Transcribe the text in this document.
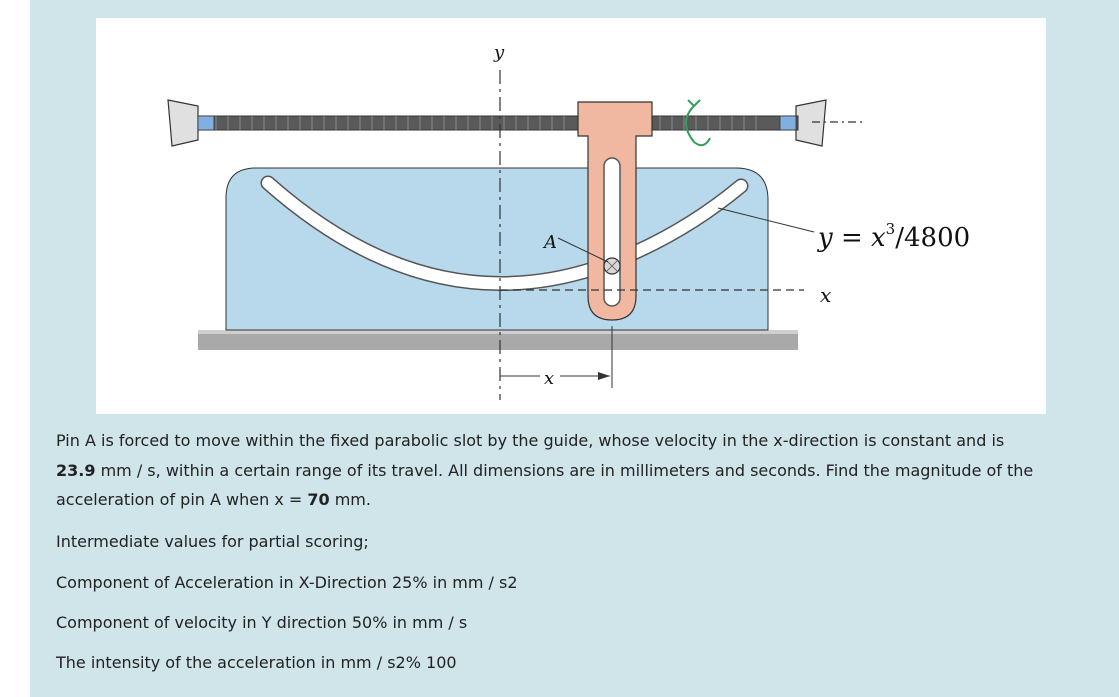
y
x
x
A	$y = x^3/4800$
Pin A is forced to move within the fixed parabolic slot by the guide, whose velocity in the x-direction is constant and is
23.9 mm / s, within a certain range of its travel. All dimensions are in millimeters and seconds. Find the magnitude of the
acceleration of pin A when x = 70 mm.
Intermediate values for partial scoring;
Component of Acceleration in X-Direction 25% in mm / s2
Component of velocity in Y direction 50% in mm / s
The intensity of the acceleration in mm / s2% 100
